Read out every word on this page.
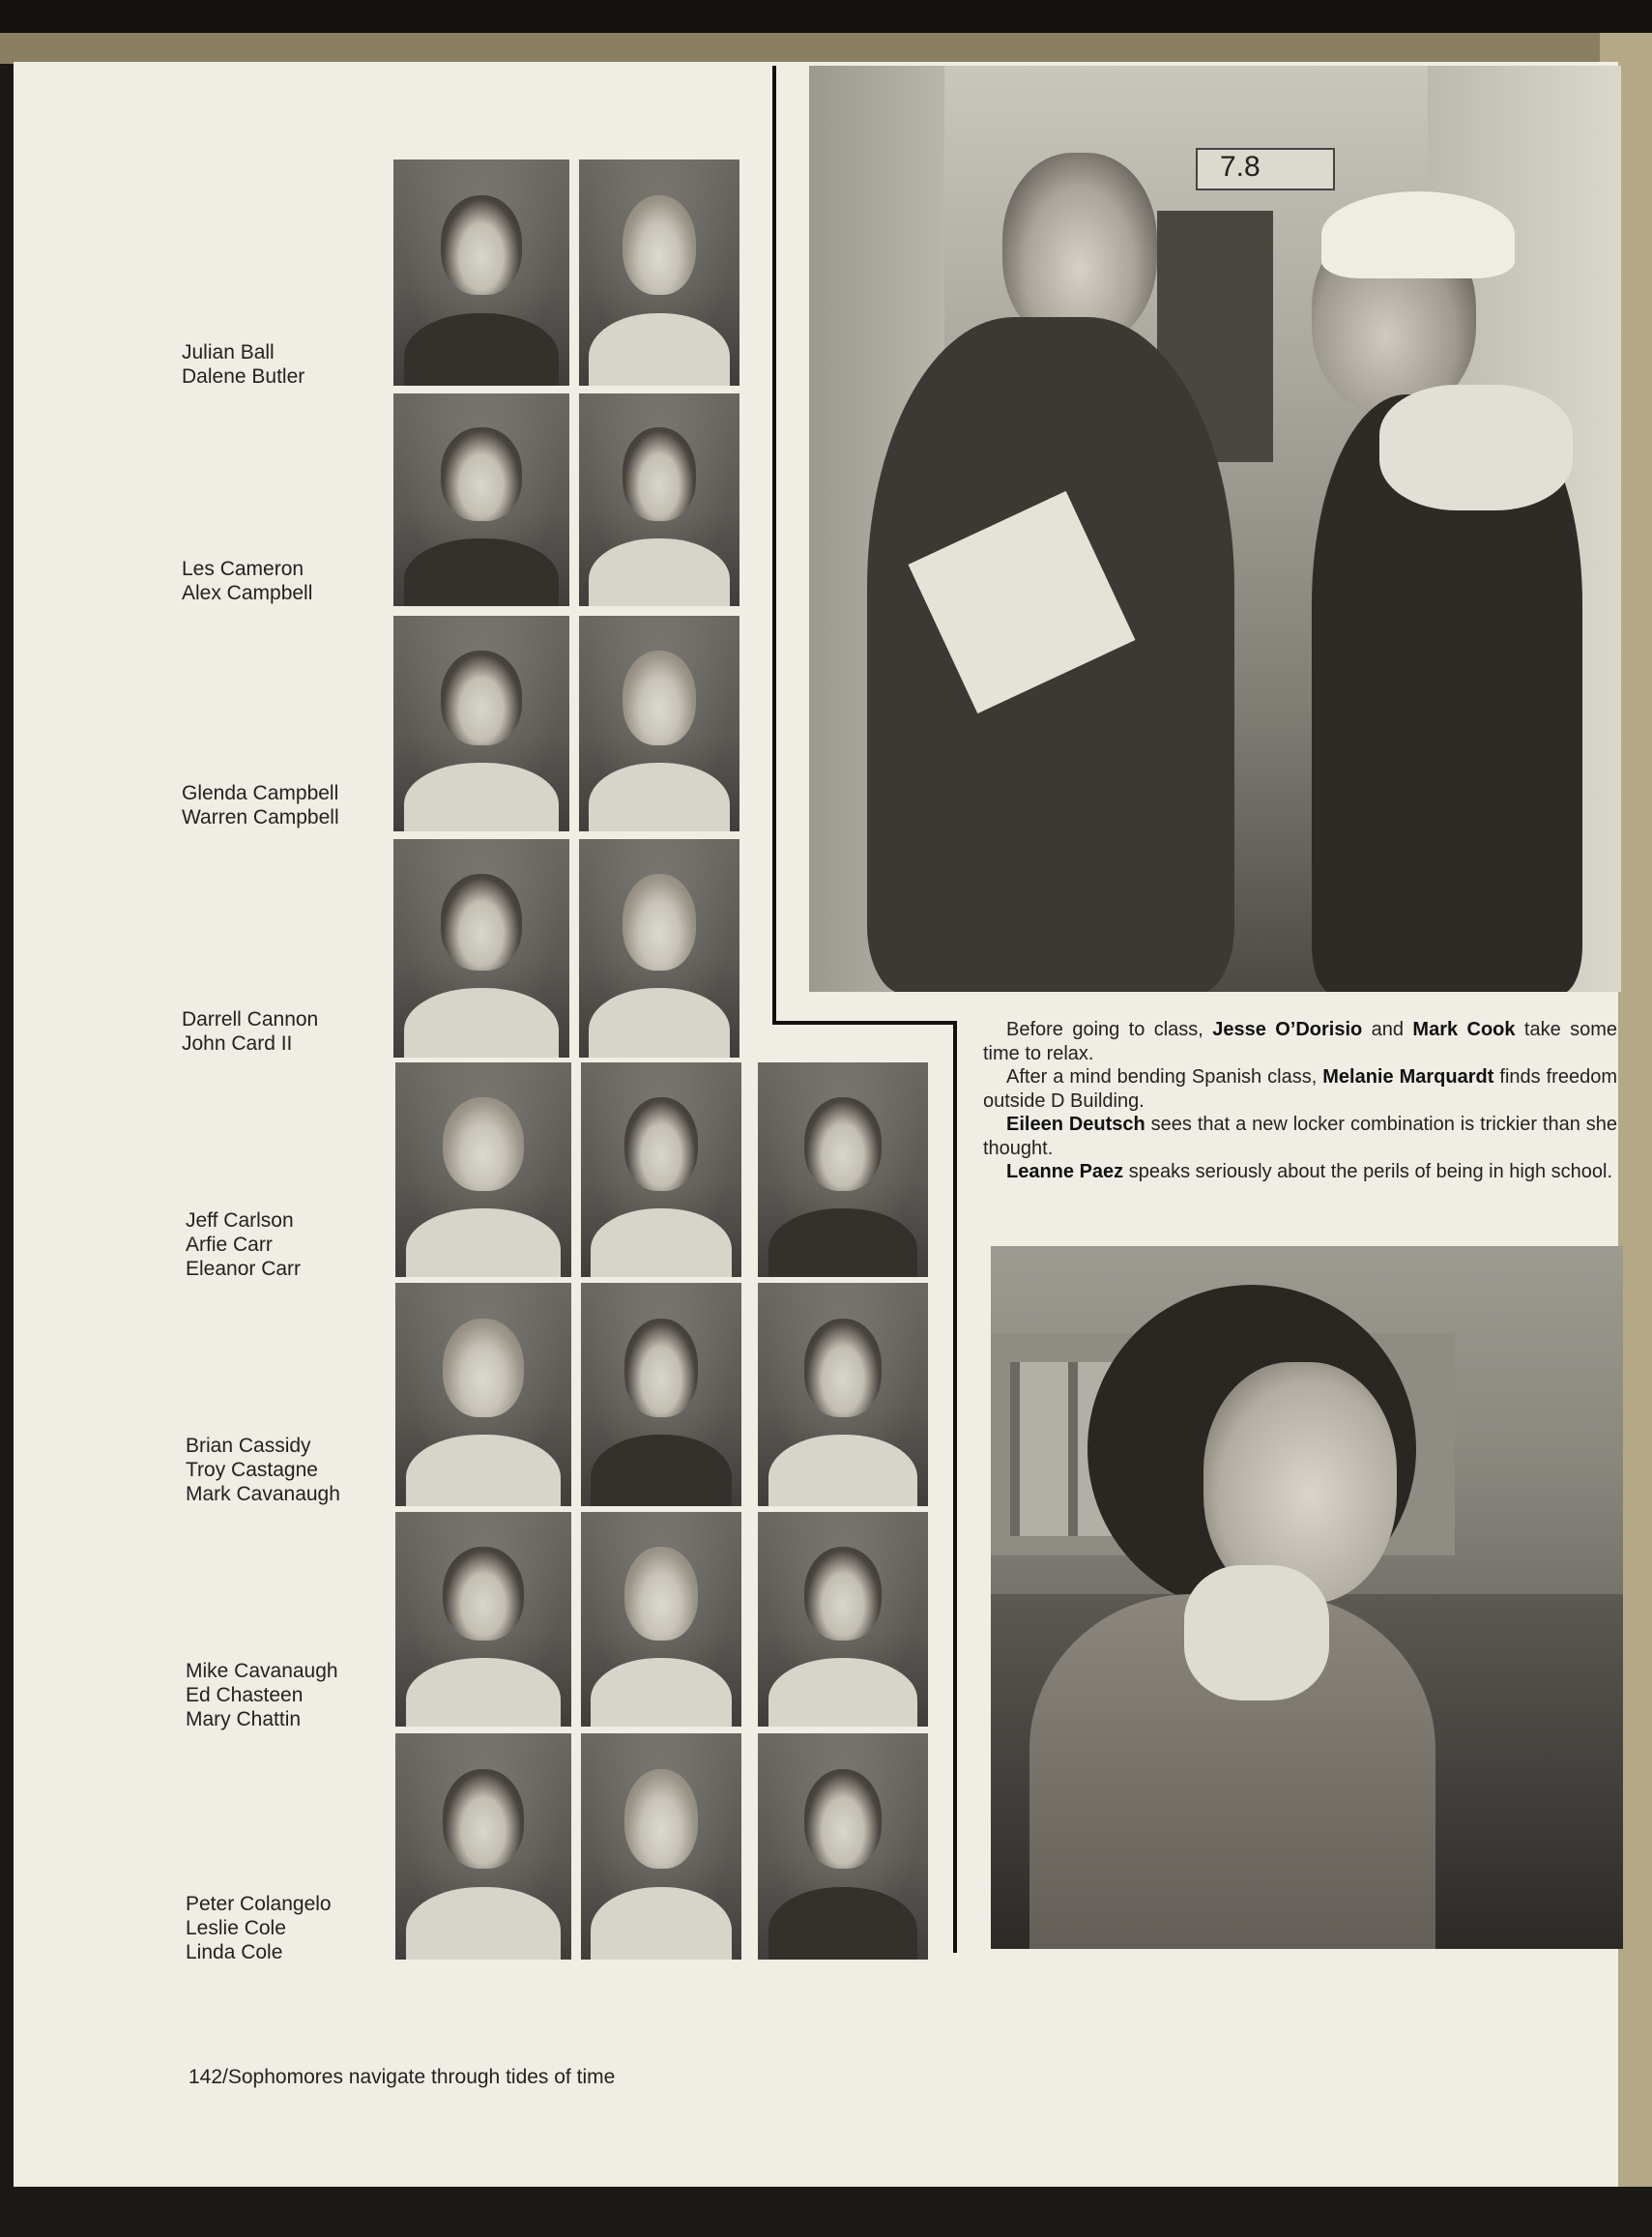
Julian Ball
Dalene Butler
Les Cameron
Alex Campbell
Glenda Campbell
Warren Campbell
Darrell Cannon
John Card II
Jeff Carlson
Arfie Carr
Eleanor Carr
Brian Cassidy
Troy Castagne
Mark Cavanaugh
Mike Cavanaugh
Ed Chasteen
Mary Chattin
Peter Colangelo
Leslie Cole
Linda Cole
7.8

Before going to class, Jesse O’Dorisio and Mark Cook take some time to relax.

After a mind bending Spanish class, Melanie Marquardt finds freedom outside D Building.

Eileen Deutsch sees that a new locker combination is trickier than she thought.

Leanne Paez speaks seriously about the perils of being in high school.

142/Sophomores navigate through tides of time
